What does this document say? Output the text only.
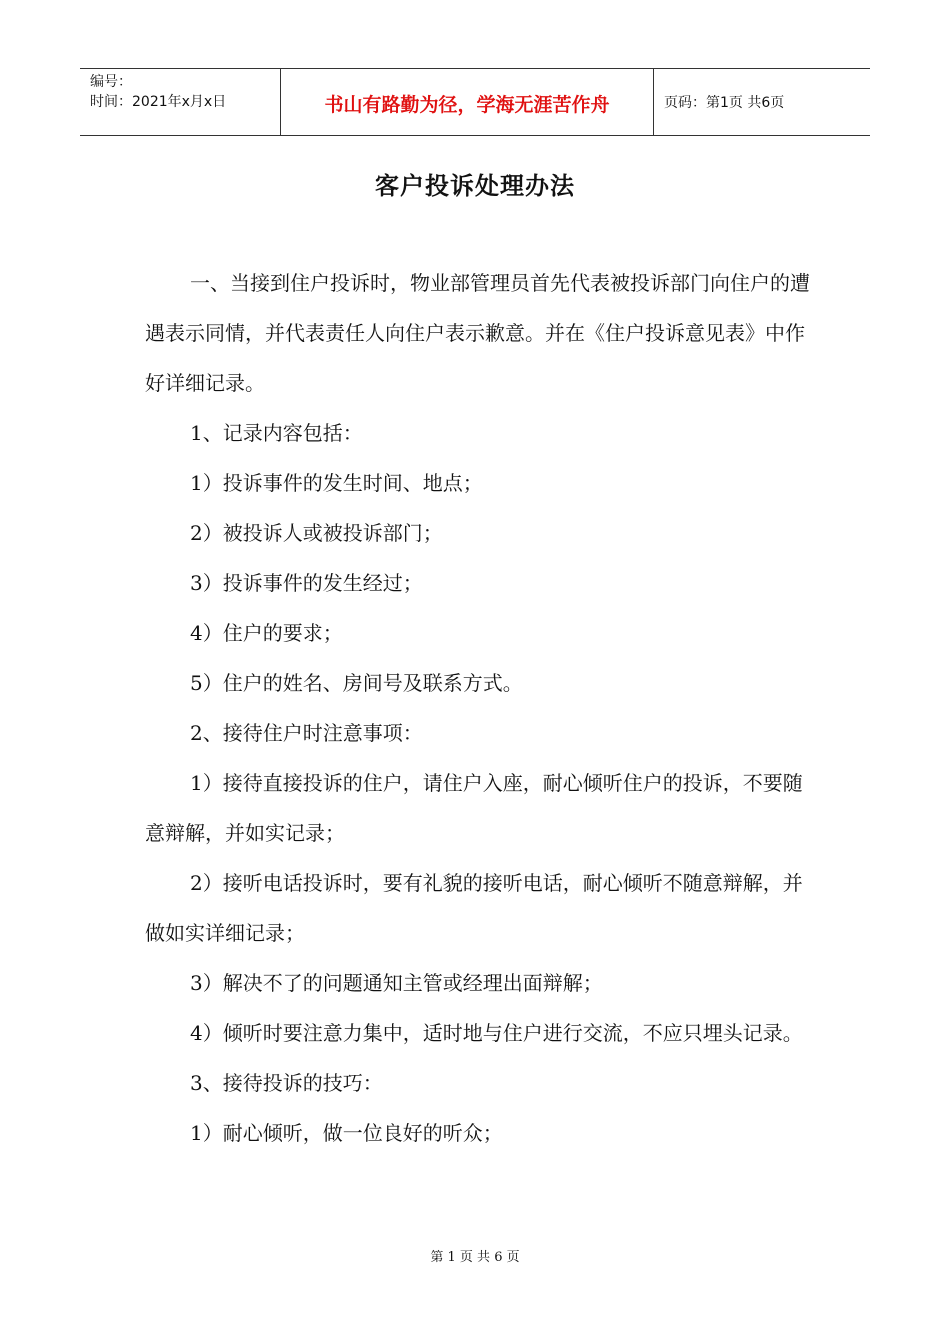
编号：
时间：2021年x月x日	书山有路勤为径，学海无涯苦作舟	页码：第1页 共6页
客户投诉处理办法

一、当接到住户投诉时，物业部管理员首先代表被投诉部门向住户的遭遇表示同情，并代表责任人向住户表示歉意。并在《住户投诉意见表》中作好详细记录。

1、记录内容包括：

1）投诉事件的发生时间、地点；

2）被投诉人或被投诉部门；

3）投诉事件的发生经过；

4）住户的要求；

5）住户的姓名、房间号及联系方式。

2、接待住户时注意事项：

1）接待直接投诉的住户，请住户入座，耐心倾听住户的投诉，不要随意辩解，并如实记录；

2）接听电话投诉时，要有礼貌的接听电话，耐心倾听不随意辩解，并做如实详细记录；

3）解决不了的问题通知主管或经理出面辩解；

4）倾听时要注意力集中，适时地与住户进行交流，不应只埋头记录。

3、接待投诉的技巧：

1）耐心倾听，做一位良好的听众；

第 1 页 共 6 页
